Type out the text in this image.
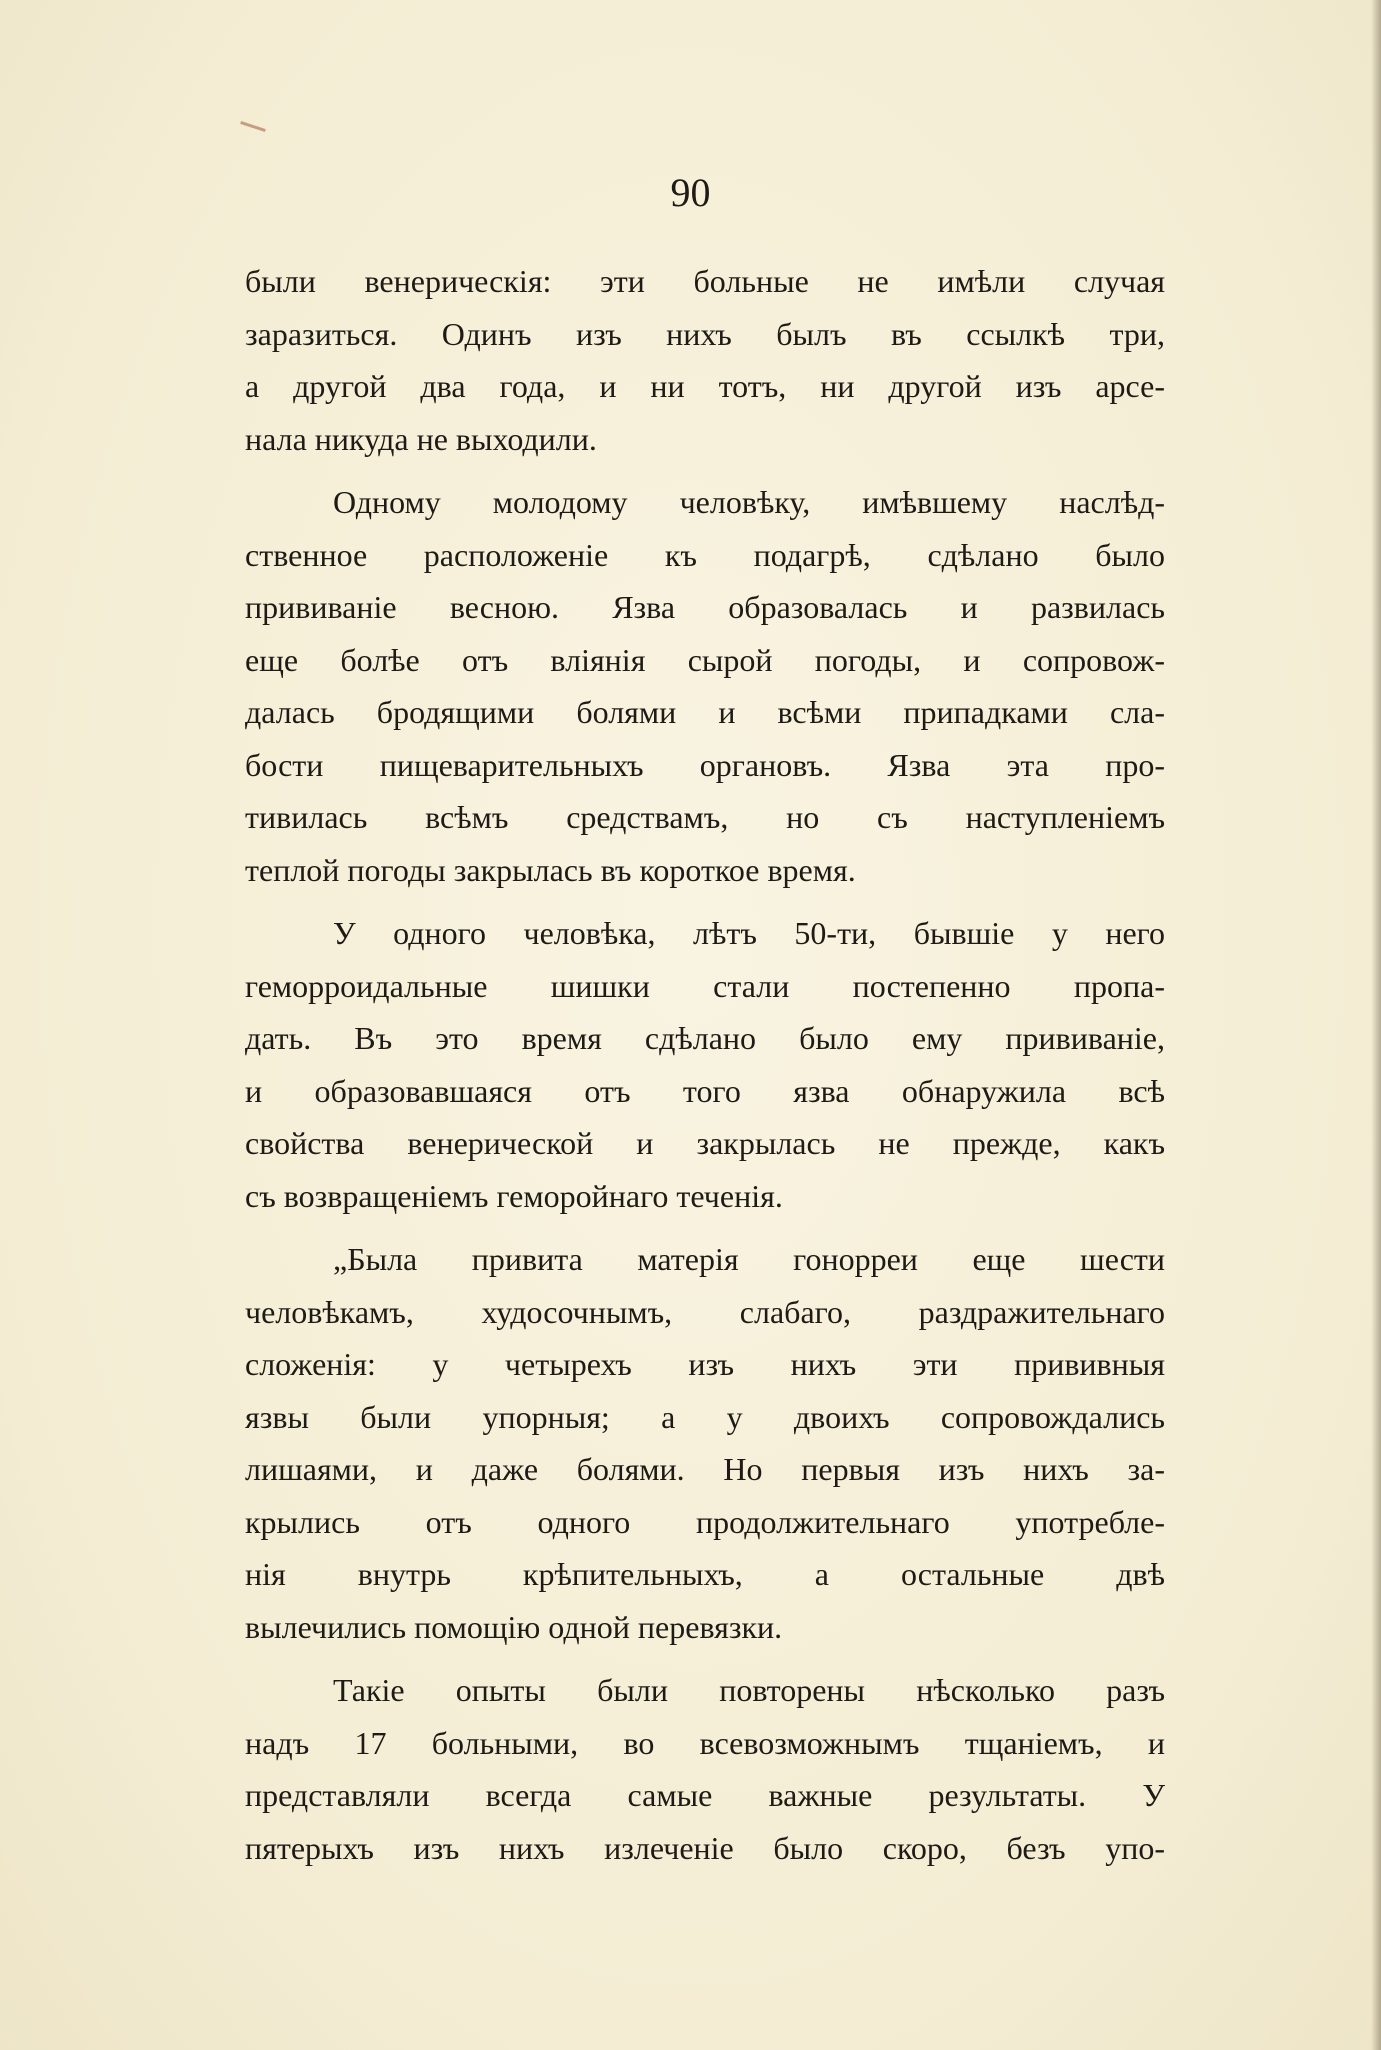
90
были венерическія: эти больные не имѣли случая
заразиться. Одинъ изъ нихъ былъ въ ссылкѣ три,
а другой два года, и ни тотъ, ни другой изъ арсе-
нала никуда не выходили.
Одному молодому человѣку, имѣвшему наслѣд-
ственное расположеніе къ подагрѣ, сдѣлано было
прививаніе весною. Язва образовалась и развилась
еще болѣе отъ вліянія сырой погоды, и сопровож-
далась бродящими болями и всѣми припадками сла-
бости пищеварительныхъ органовъ. Язва эта про-
тивилась всѣмъ средствамъ, но съ наступленіемъ
теплой погоды закрылась въ короткое время.
У одного человѣка, лѣтъ 50-ти, бывшіе у него
геморроидальные шишки стали постепенно пропа-
дать. Въ это время сдѣлано было ему прививаніе,
и образовавшаяся отъ того язва обнаружила всѣ
свойства венерической и закрылась не прежде, какъ
съ возвращеніемъ геморойнаго теченія.
„Была привита матерія гонорреи еще шести
человѣкамъ, худосочнымъ, слабаго, раздражительнаго
сложенія: у четырехъ изъ нихъ эти прививныя
язвы были упорныя; а у двоихъ сопровождались
лишаями, и даже болями. Но первыя изъ нихъ за-
крылись отъ одного продолжительнаго употребле-
нія внутрь крѣпительныхъ, а остальные двѣ
вылечились помощію одной перевязки.
Такіе опыты были повторены нѣсколько разъ
надъ 17 больными, во всевозможнымъ тщаніемъ, и
представляли всегда самые важные результаты. У
пятерыхъ изъ нихъ излеченіе было скоро, безъ упо-
